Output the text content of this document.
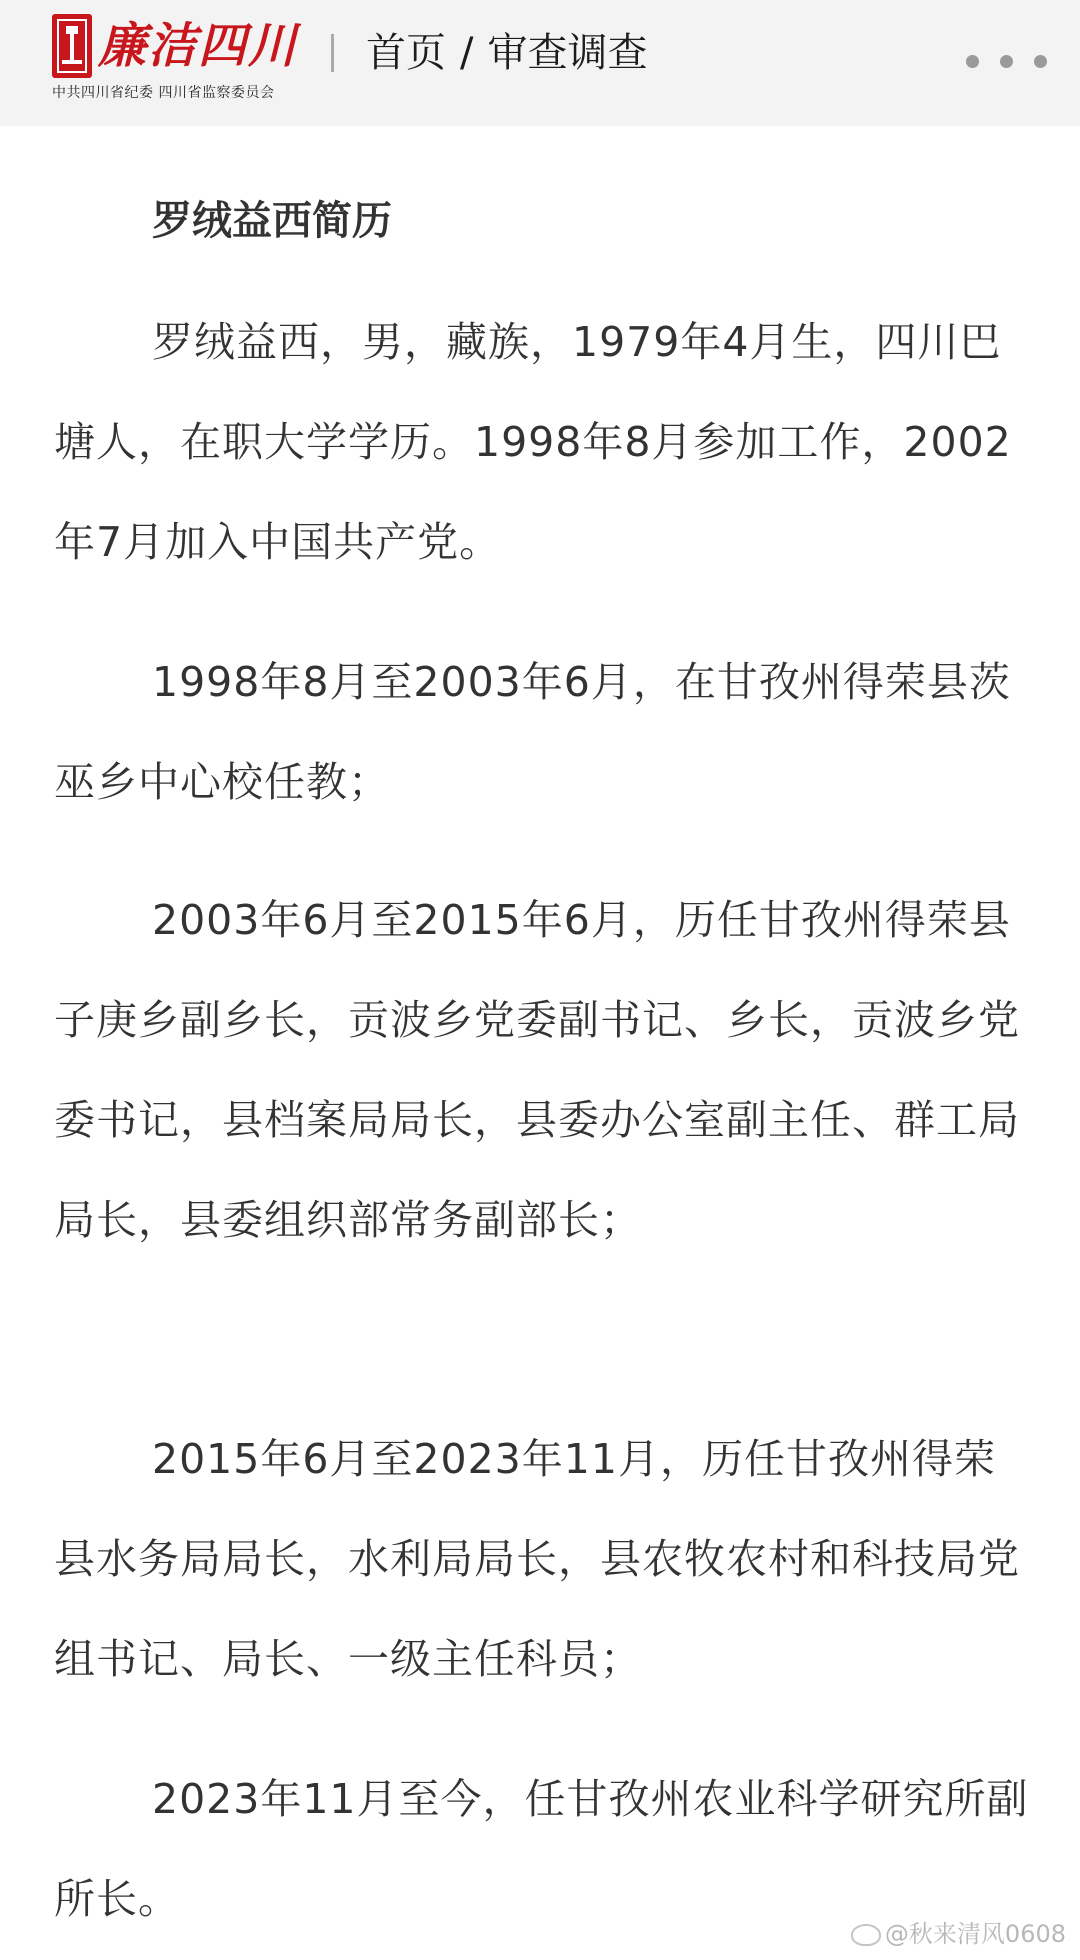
廉洁四川
中共四川省纪委 四川省监察委员会
首页 / 审查调查
罗绒益西简历

罗绒益西，男，藏族，1979年4月生，四川巴塘人，在职大学学历。1998年8月参加工作，2002年7月加入中国共产党。

1998年8月至2003年6月，在甘孜州得荣县茨巫乡中心校任教；

2003年6月至2015年6月，历任甘孜州得荣县子庚乡副乡长，贡波乡党委副书记、乡长，贡波乡党委书记，县档案局局长，县委办公室副主任、群工局局长，县委组织部常务副部长；

2015年6月至2023年11月，历任甘孜州得荣县水务局局长，水利局局长，县农牧农村和科技局党组书记、局长、一级主任科员；

2023年11月至今，任甘孜州农业科学研究所副所长。

@秋来清风0608
